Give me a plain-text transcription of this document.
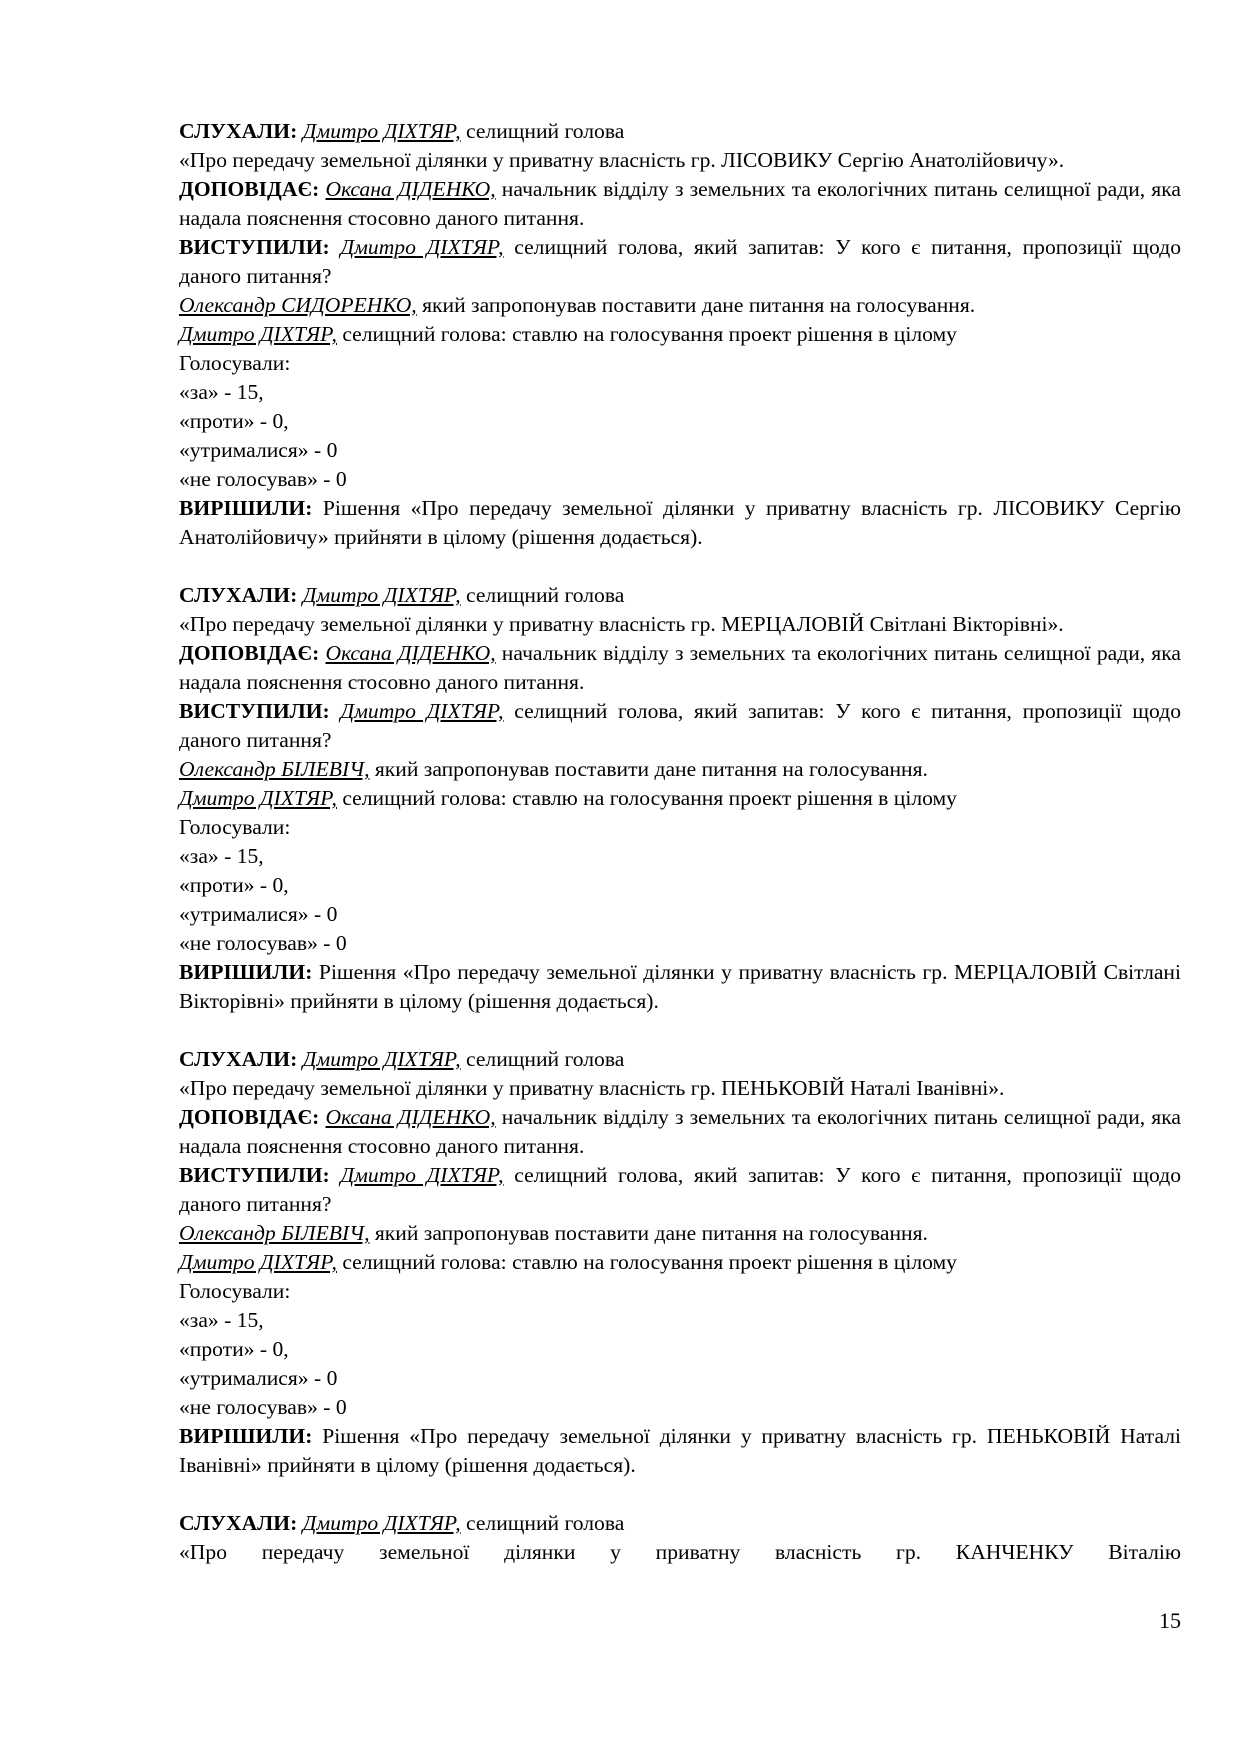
СЛУХАЛИ: Дмитро ДІХТЯР, селищний голова

«Про передачу земельної ділянки у приватну власність гр. ЛІСОВИКУ Сергію Анатолійовичу».

ДОПОВІДАЄ: Оксана ДІДЕНКО, начальник відділу з земельних та екологічних питань селищної ради, яка надала пояснення стосовно даного питання.

ВИСТУПИЛИ: Дмитро ДІХТЯР, селищний голова, який запитав: У кого є питання, пропозиції щодо даного питання?

Олександр СИДОРЕНКО, який запропонував поставити дане питання на голосування.

Дмитро ДІХТЯР, селищний голова: ставлю на голосування проект рішення в цілому

Голосували:

«за» - 15,

«проти» - 0,

«утрималися» - 0

«не голосував» - 0

ВИРІШИЛИ: Рішення «Про передачу земельної ділянки у приватну власність гр. ЛІСОВИКУ Сергію Анатолійовичу» прийняти в цілому (рішення додається).

СЛУХАЛИ: Дмитро ДІХТЯР, селищний голова

«Про передачу земельної ділянки у приватну власність гр. МЕРЦАЛОВІЙ Світлані Вікторівні».

ДОПОВІДАЄ: Оксана ДІДЕНКО, начальник відділу з земельних та екологічних питань селищної ради, яка надала пояснення стосовно даного питання.

ВИСТУПИЛИ: Дмитро ДІХТЯР, селищний голова, який запитав: У кого є питання, пропозиції щодо даного питання?

Олександр БІЛЕВІЧ, який запропонував поставити дане питання на голосування.

Дмитро ДІХТЯР, селищний голова: ставлю на голосування проект рішення в цілому

Голосували:

«за» - 15,

«проти» - 0,

«утрималися» - 0

«не голосував» - 0

ВИРІШИЛИ: Рішення «Про передачу земельної ділянки у приватну власність гр. МЕРЦАЛОВІЙ Світлані Вікторівні» прийняти в цілому (рішення додається).

СЛУХАЛИ: Дмитро ДІХТЯР, селищний голова

«Про передачу земельної ділянки у приватну власність гр. ПЕНЬКОВІЙ Наталі Іванівні».

ДОПОВІДАЄ: Оксана ДІДЕНКО, начальник відділу з земельних та екологічних питань селищної ради, яка надала пояснення стосовно даного питання.

ВИСТУПИЛИ: Дмитро ДІХТЯР, селищний голова, який запитав: У кого є питання, пропозиції щодо даного питання?

Олександр БІЛЕВІЧ, який запропонував поставити дане питання на голосування.

Дмитро ДІХТЯР, селищний голова: ставлю на голосування проект рішення в цілому

Голосували:

«за» - 15,

«проти» - 0,

«утрималися» - 0

«не голосував» - 0

ВИРІШИЛИ: Рішення «Про передачу земельної ділянки у приватну власність гр. ПЕНЬКОВІЙ Наталі Іванівні» прийняти в цілому (рішення додається).

СЛУХАЛИ: Дмитро ДІХТЯР, селищний голова

«Про передачу земельної ділянки у приватну власність гр. КАНЧЕНКУ Віталію

15
